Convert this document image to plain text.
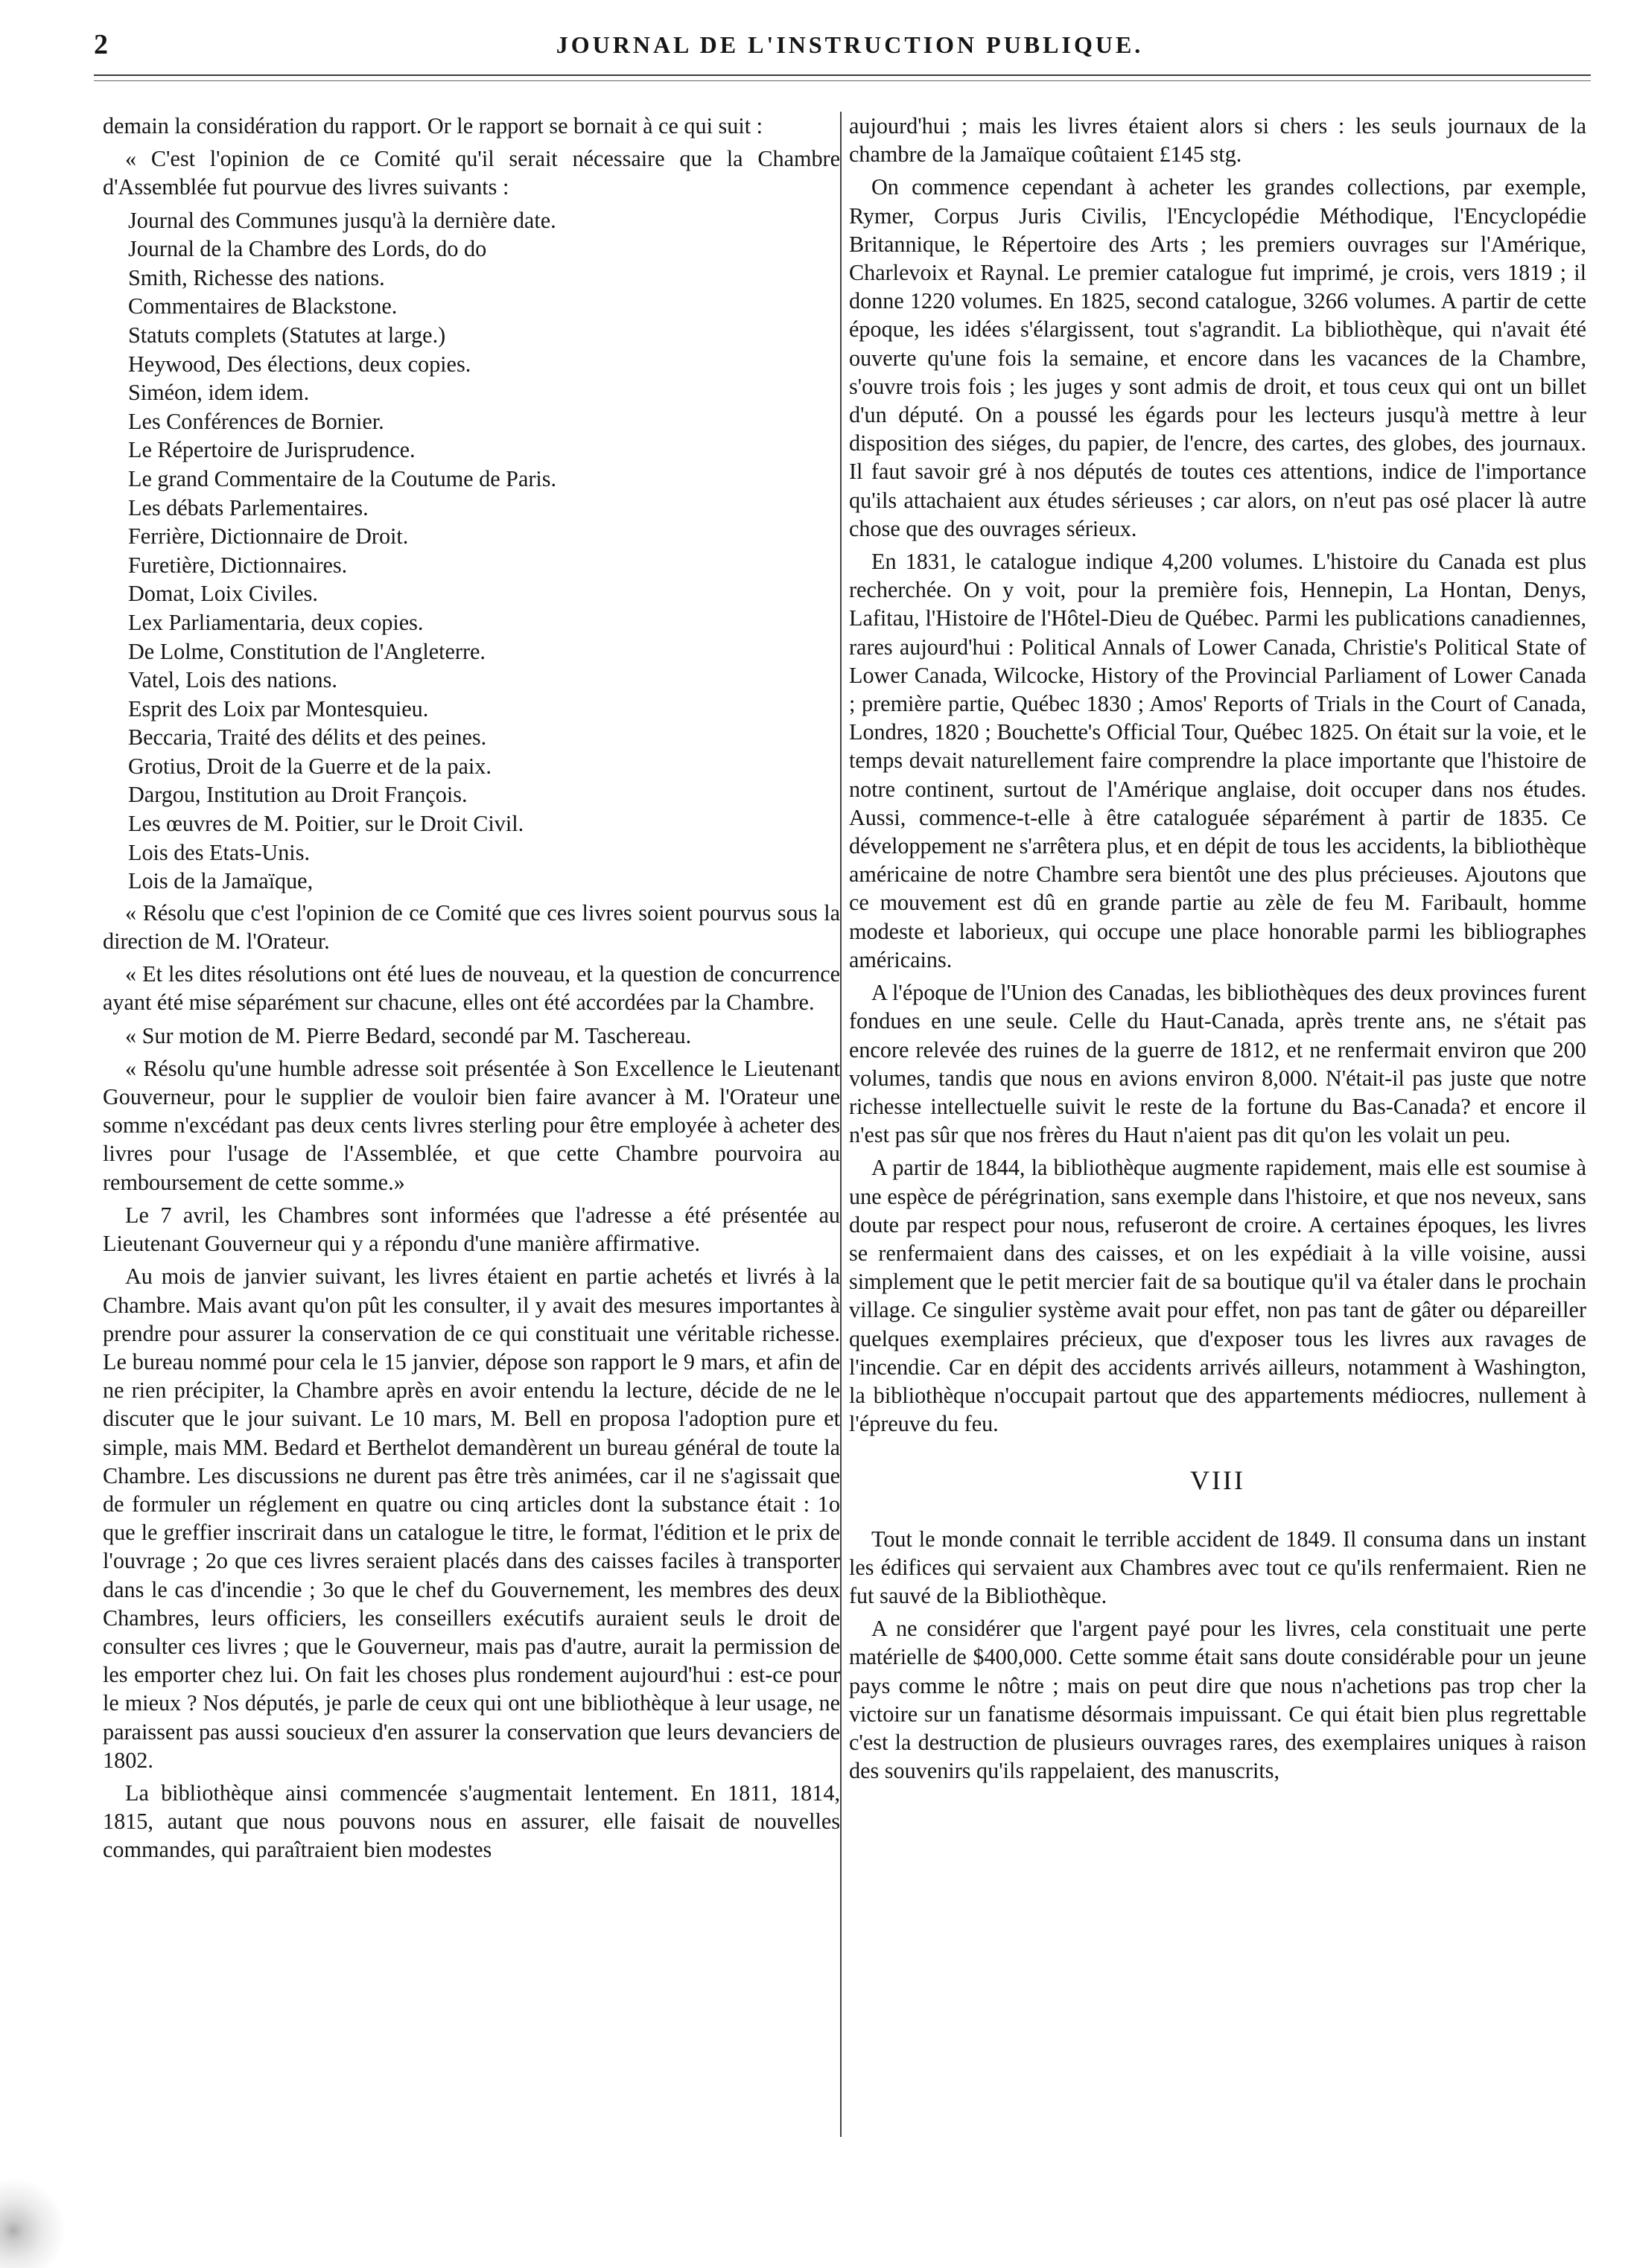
2	JOURNAL DE L'INSTRUCTION PUBLIQUE.

demain la considération du rapport. Or le rapport se bornait à ce qui suit :

« C'est l'opinion de ce Comité qu'il serait nécessaire que la Chambre d'Assemblée fut pourvue des livres suivants :

Journal des Communes jusqu'à la dernière date.
Journal de la Chambre des Lords, do do
Smith, Richesse des nations.
Commentaires de Blackstone.
Statuts complets (Statutes at large.)
Heywood, Des élections, deux copies.
Siméon, idem idem.
Les Conférences de Bornier.
Le Répertoire de Jurisprudence.
Le grand Commentaire de la Coutume de Paris.
Les débats Parlementaires.
Ferrière, Dictionnaire de Droit.
Furetière, Dictionnaires.
Domat, Loix Civiles.
Lex Parliamentaria, deux copies.
De Lolme, Constitution de l'Angleterre.
Vatel, Lois des nations.
Esprit des Loix par Montesquieu.
Beccaria, Traité des délits et des peines.
Grotius, Droit de la Guerre et de la paix.
Dargou, Institution au Droit François.
Les œuvres de M. Poitier, sur le Droit Civil.
Lois des Etats-Unis.
Lois de la Jamaïque,

« Résolu que c'est l'opinion de ce Comité que ces livres soient pourvus sous la direction de M. l'Orateur.

« Et les dites résolutions ont été lues de nouveau, et la question de concurrence ayant été mise séparément sur chacune, elles ont été accordées par la Chambre.

« Sur motion de M. Pierre Bedard, secondé par M. Taschereau.

« Résolu qu'une humble adresse soit présentée à Son Excellence le Lieutenant Gouverneur, pour le supplier de vouloir bien faire avancer à M. l'Orateur une somme n'excédant pas deux cents livres sterling pour être employée à acheter des livres pour l'usage de l'Assemblée, et que cette Chambre pourvoira au remboursement de cette somme.»

Le 7 avril, les Chambres sont informées que l'adresse a été présentée au Lieutenant Gouverneur qui y a répondu d'une manière affirmative.

Au mois de janvier suivant, les livres étaient en partie achetés et livrés à la Chambre. Mais avant qu'on pût les consulter, il y avait des mesures importantes à prendre pour assurer la conservation de ce qui constituait une véritable richesse. Le bureau nommé pour cela le 15 janvier, dépose son rapport le 9 mars, et afin de ne rien précipiter, la Chambre après en avoir entendu la lecture, décide de ne le discuter que le jour suivant. Le 10 mars, M. Bell en proposa l'adoption pure et simple, mais MM. Bedard et Berthelot demandèrent un bureau général de toute la Chambre. Les discussions ne durent pas être très animées, car il ne s'agissait que de formuler un réglement en quatre ou cinq articles dont la substance était : 1o que le greffier inscrirait dans un catalogue le titre, le format, l'édition et le prix de l'ouvrage ; 2o que ces livres seraient placés dans des caisses faciles à transporter dans le cas d'incendie ; 3o que le chef du Gouvernement, les membres des deux Chambres, leurs officiers, les conseillers exécutifs auraient seuls le droit de consulter ces livres ; que le Gouverneur, mais pas d'autre, aurait la permission de les emporter chez lui. On fait les choses plus rondement aujourd'hui : est-ce pour le mieux ? Nos députés, je parle de ceux qui ont une bibliothèque à leur usage, ne paraissent pas aussi soucieux d'en assurer la conservation que leurs devanciers de 1802.

La bibliothèque ainsi commencée s'augmentait lentement. En 1811, 1814, 1815, autant que nous pouvons nous en assurer, elle faisait de nouvelles commandes, qui paraîtraient bien modestes

aujourd'hui ; mais les livres étaient alors si chers : les seuls journaux de la chambre de la Jamaïque coûtaient £145 stg.

On commence cependant à acheter les grandes collections, par exemple, Rymer, Corpus Juris Civilis, l'Encyclopédie Méthodique, l'Encyclopédie Britannique, le Répertoire des Arts ; les premiers ouvrages sur l'Amérique, Charlevoix et Raynal. Le premier catalogue fut imprimé, je crois, vers 1819 ; il donne 1220 volumes. En 1825, second catalogue, 3266 volumes. A partir de cette époque, les idées s'élargissent, tout s'agrandit. La bibliothèque, qui n'avait été ouverte qu'une fois la semaine, et encore dans les vacances de la Chambre, s'ouvre trois fois ; les juges y sont admis de droit, et tous ceux qui ont un billet d'un député. On a poussé les égards pour les lecteurs jusqu'à mettre à leur disposition des siéges, du papier, de l'encre, des cartes, des globes, des journaux. Il faut savoir gré à nos députés de toutes ces attentions, indice de l'importance qu'ils attachaient aux études sérieuses ; car alors, on n'eut pas osé placer là autre chose que des ouvrages sérieux.

En 1831, le catalogue indique 4,200 volumes. L'histoire du Canada est plus recherchée. On y voit, pour la première fois, Hennepin, La Hontan, Denys, Lafitau, l'Histoire de l'Hôtel-Dieu de Québec. Parmi les publications canadiennes, rares aujourd'hui : Political Annals of Lower Canada, Christie's Political State of Lower Canada, Wilcocke, History of the Provincial Parliament of Lower Canada ; première partie, Québec 1830 ; Amos' Reports of Trials in the Court of Canada, Londres, 1820 ; Bouchette's Official Tour, Québec 1825. On était sur la voie, et le temps devait naturellement faire comprendre la place importante que l'histoire de notre continent, surtout de l'Amérique anglaise, doit occuper dans nos études. Aussi, commence-t-elle à être cataloguée séparément à partir de 1835. Ce développement ne s'arrêtera plus, et en dépit de tous les accidents, la bibliothèque américaine de notre Chambre sera bientôt une des plus précieuses. Ajoutons que ce mouvement est dû en grande partie au zèle de feu M. Faribault, homme modeste et laborieux, qui occupe une place honorable parmi les bibliographes américains.

A l'époque de l'Union des Canadas, les bibliothèques des deux provinces furent fondues en une seule. Celle du Haut-Canada, après trente ans, ne s'était pas encore relevée des ruines de la guerre de 1812, et ne renfermait environ que 200 volumes, tandis que nous en avions environ 8,000. N'était-il pas juste que notre richesse intellectuelle suivit le reste de la fortune du Bas-Canada? et encore il n'est pas sûr que nos frères du Haut n'aient pas dit qu'on les volait un peu.

A partir de 1844, la bibliothèque augmente rapidement, mais elle est soumise à une espèce de pérégrination, sans exemple dans l'histoire, et que nos neveux, sans doute par respect pour nous, refuseront de croire. A certaines époques, les livres se renfermaient dans des caisses, et on les expédiait à la ville voisine, aussi simplement que le petit mercier fait de sa boutique qu'il va étaler dans le prochain village. Ce singulier système avait pour effet, non pas tant de gâter ou dépareiller quelques exemplaires précieux, que d'exposer tous les livres aux ravages de l'incendie. Car en dépit des accidents arrivés ailleurs, notamment à Washington, la bibliothèque n'occupait partout que des appartements médiocres, nullement à l'épreuve du feu.

VIII

Tout le monde connait le terrible accident de 1849. Il consuma dans un instant les édifices qui servaient aux Chambres avec tout ce qu'ils renfermaient. Rien ne fut sauvé de la Bibliothèque.

A ne considérer que l'argent payé pour les livres, cela constituait une perte matérielle de $400,000. Cette somme était sans doute considérable pour un jeune pays comme le nôtre ; mais on peut dire que nous n'achetions pas trop cher la victoire sur un fanatisme désormais impuissant. Ce qui était bien plus regrettable c'est la destruction de plusieurs ouvrages rares, des exemplaires uniques à raison des souvenirs qu'ils rappelaient, des manuscrits,
